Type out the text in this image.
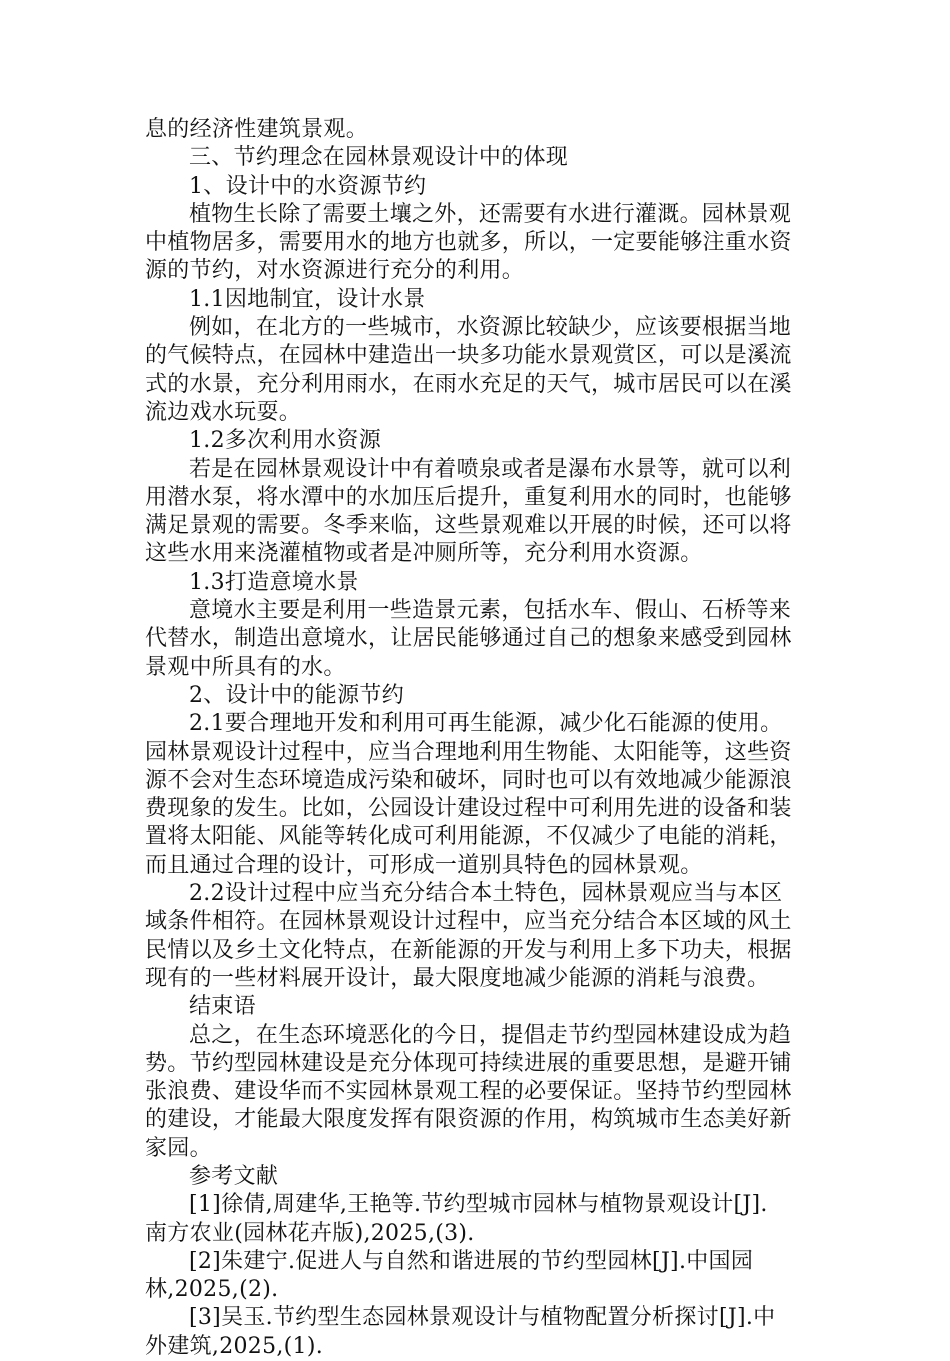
息的经济性建筑景观。
三、节约理念在园林景观设计中的体现
1、设计中的水资源节约
植物生长除了需要土壤之外，还需要有水进行灌溉。园林景观
中植物居多，需要用水的地方也就多，所以，一定要能够注重水资
源的节约，对水资源进行充分的利用。
1.1因地制宜，设计水景
例如，在北方的一些城市，水资源比较缺少，应该要根据当地
的气候特点，在园林中建造出一块多功能水景观赏区，可以是溪流
式的水景，充分利用雨水，在雨水充足的天气，城市居民可以在溪
流边戏水玩耍。
1.2多次利用水资源
若是在园林景观设计中有着喷泉或者是瀑布水景等，就可以利
用潜水泵，将水潭中的水加压后提升，重复利用水的同时，也能够
满足景观的需要。冬季来临，这些景观难以开展的时候，还可以将
这些水用来浇灌植物或者是冲厕所等，充分利用水资源。
1.3打造意境水景
意境水主要是利用一些造景元素，包括水车、假山、石桥等来
代替水，制造出意境水，让居民能够通过自己的想象来感受到园林
景观中所具有的水。
2、设计中的能源节约
2.1要合理地开发和利用可再生能源，减少化石能源的使用。
园林景观设计过程中，应当合理地利用生物能、太阳能等，这些资
源不会对生态环境造成污染和破坏，同时也可以有效地减少能源浪
费现象的发生。比如，公园设计建设过程中可利用先进的设备和装
置将太阳能、风能等转化成可利用能源，不仅减少了电能的消耗，
而且通过合理的设计，可形成一道别具特色的园林景观。
2.2设计过程中应当充分结合本土特色，园林景观应当与本区
域条件相符。在园林景观设计过程中，应当充分结合本区域的风土
民情以及乡土文化特点，在新能源的开发与利用上多下功夫，根据
现有的一些材料展开设计，最大限度地减少能源的消耗与浪费。
结束语
总之，在生态环境恶化的今日，提倡走节约型园林建设成为趋
势。节约型园林建设是充分体现可持续进展的重要思想，是避开铺
张浪费、建设华而不实园林景观工程的必要保证。坚持节约型园林
的建设，才能最大限度发挥有限资源的作用，构筑城市生态美好新
家园。
参考文献
[1]徐倩,周建华,王艳等.节约型城市园林与植物景观设计[J].
南方农业(园林花卉版),2025,(3).
[2]朱建宁.促进人与自然和谐进展的节约型园林[J].中国园
林,2025,(2).
[3]吴玉.节约型生态园林景观设计与植物配置分析探讨[J].中
外建筑,2025,(1).
